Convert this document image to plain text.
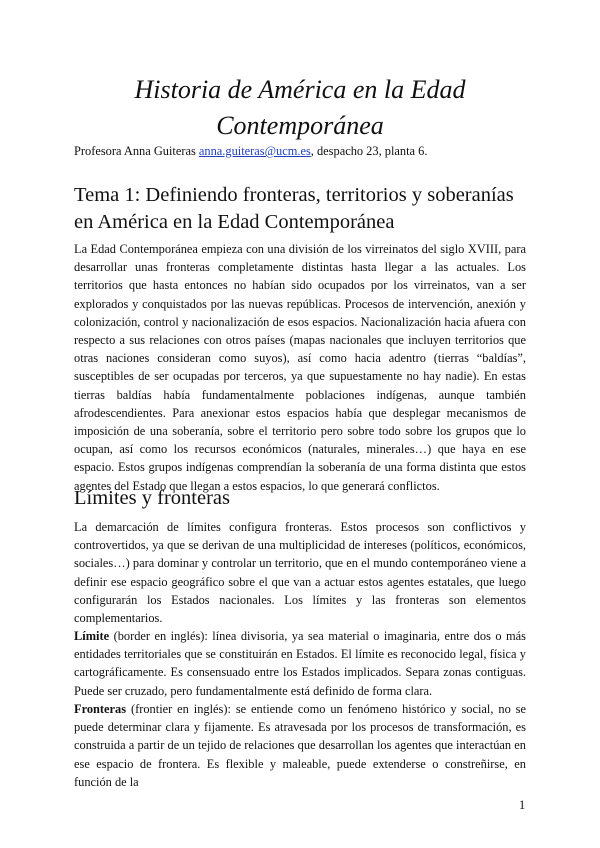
Historia de América en la Edad Contemporánea
Profesora Anna Guiteras anna.guiteras@ucm.es, despacho 23, planta 6.
Tema 1: Definiendo fronteras, territorios y soberanías en América en la Edad Contemporánea

La Edad Contemporánea empieza con una división de los virreinatos del siglo XVIII, para desarrollar unas fronteras completamente distintas hasta llegar a las actuales. Los territorios que hasta entonces no habían sido ocupados por los virreinatos, van a ser explorados y conquistados por las nuevas repúblicas. Procesos de intervención, anexión y colonización, control y nacionalización de esos espacios. Nacionalización hacia afuera con respecto a sus relaciones con otros países (mapas nacionales que incluyen territorios que otras naciones consideran como suyos), así como hacia adentro (tierras “baldías”, susceptibles de ser ocupadas por terceros, ya que supuestamente no hay nadie). En estas tierras baldías había fundamentalmente poblaciones indígenas, aunque también afrodescendientes. Para anexionar estos espacios había que desplegar mecanismos de imposición de una soberanía, sobre el territorio pero sobre todo sobre los grupos que lo ocupan, así como los recursos económicos (naturales, minerales…) que haya en ese espacio. Estos grupos indígenas comprendían la soberanía de una forma distinta que estos agentes del Estado que llegan a estos espacios, lo que generará conflictos.

Límites y fronteras

La demarcación de límites configura fronteras. Estos procesos son conflictivos y controvertidos, ya que se derivan de una multiplicidad de intereses (políticos, económicos, sociales…) para dominar y controlar un territorio, que en el mundo contemporáneo viene a definir ese espacio geográfico sobre el que van a actuar estos agentes estatales, que luego configurarán los Estados nacionales. Los límites y las fronteras son elementos complementarios.

Límite (border en inglés): línea divisoria, ya sea material o imaginaria, entre dos o más entidades territoriales que se constituirán en Estados. El límite es reconocido legal, física y cartográficamente. Es consensuado entre los Estados implicados. Separa zonas contiguas. Puede ser cruzado, pero fundamentalmente está definido de forma clara.

Fronteras (frontier en inglés): se entiende como un fenómeno histórico y social, no se puede determinar clara y fijamente. Es atravesada por los procesos de transformación, es construida a partir de un tejido de relaciones que desarrollan los agentes que interactúan en ese espacio de frontera. Es flexible y maleable, puede extenderse o constreñirse, en función de la

1
